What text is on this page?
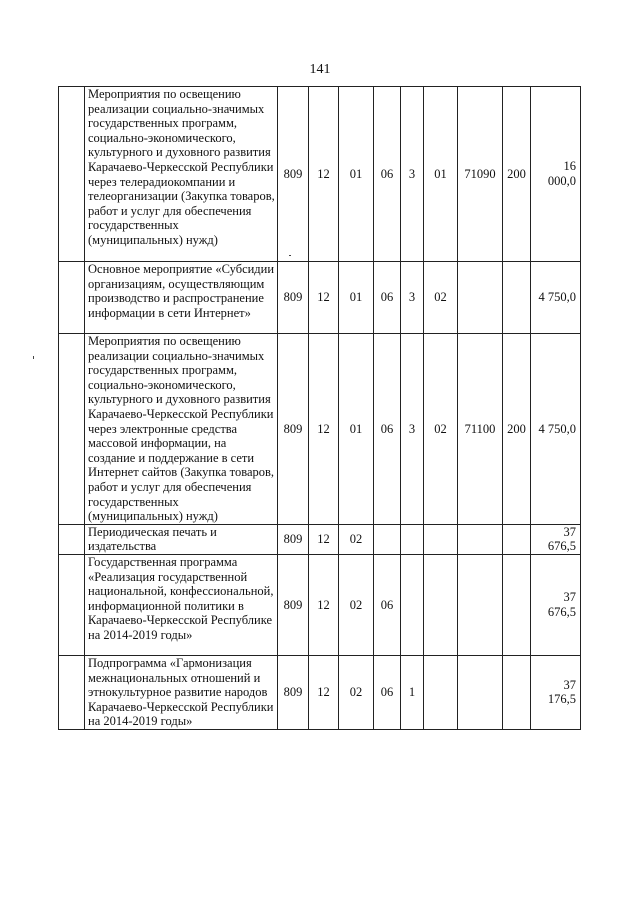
141
	Мероприятия по освещению реализации социально-значимых государственных программ, социально-экономического, культурного и духовного развития Карачаево-Черкесской Республики через телерадиокомпании и телеорганизации (Закупка товаров, работ и услуг для обеспечения государственных (муниципальных) нужд)	809	12	01	06	3	01	71090	200	16 000,0
	Основное мероприятие «Субсидии организациям, осуществляющим производство и распространение информации в сети Интернет»	809	12	01	06	3	02			4 750,0
	Мероприятия по освещению реализации социально-значимых государственных программ, социально-экономического, культурного и духовного развития Карачаево-Черкесской Республики через электронные средства массовой информации, на создание и поддержание в сети Интернет сайтов (Закупка товаров, работ и услуг для обеспечения государственных (муниципальных) нужд)	809	12	01	06	3	02	71100	200	4 750,0
	Периодическая печать и издательства	809	12	02						37 676,5
	Государственная программа «Реализация государственной национальной, конфессиональной, информационной политики в Карачаево-Черкесской Республике на 2014-2019 годы»	809	12	02	06					37 676,5
	Подпрограмма «Гармонизация межнациональных отношений и этнокультурное развитие народов Карачаево-Черкесской Республики на 2014-2019 годы»	809	12	02	06	1				37 176,5
